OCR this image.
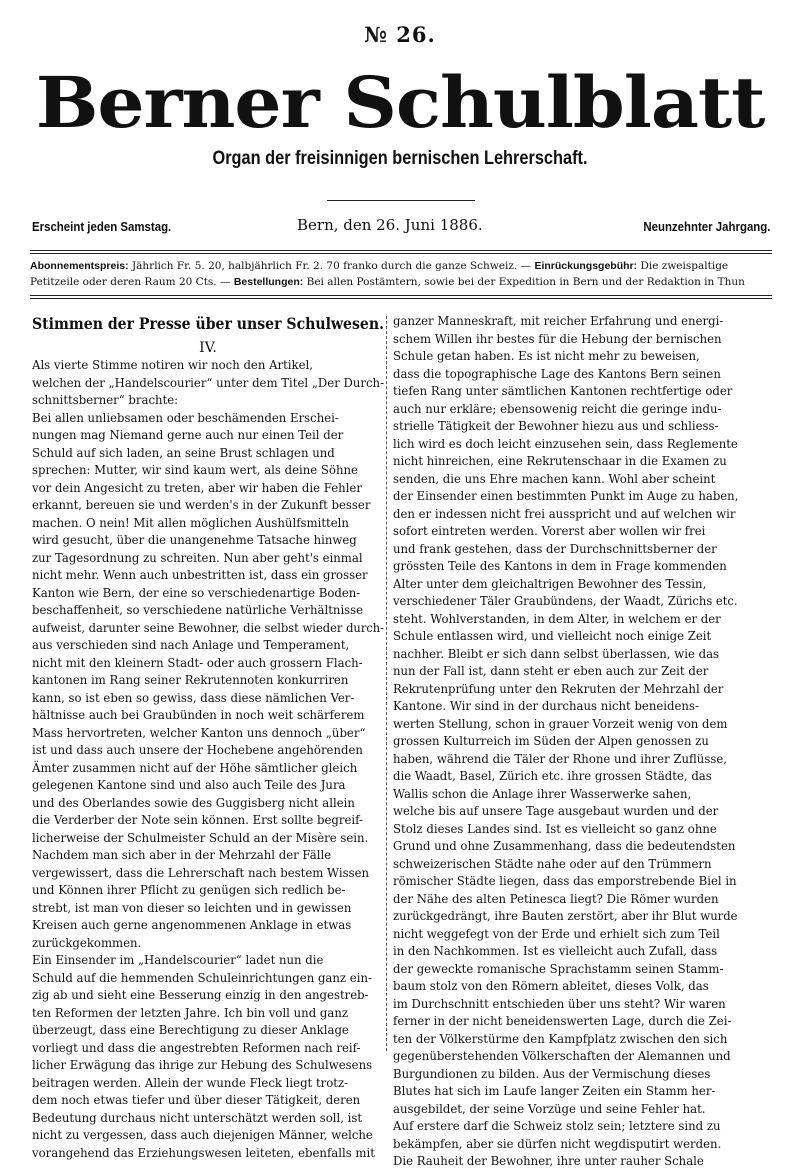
№ 26.
Berner Schulblatt
Organ der freisinnigen bernischen Lehrerschaft.
Erscheint jeden Samstag.	Bern, den 26. Juni 1886.	Neunzehnter Jahrgang.
Abonnementspreis: Jährlich Fr. 5. 20, halbjährlich Fr. 2. 70 franko durch die ganze Schweiz. — Einrückungsgebühr: Die zweispaltige
Petitzeile oder deren Raum 20 Cts. — Bestellungen: Bei allen Postämtern, sowie bei der Expedition in Bern und der Redaktion in Thun
Stimmen der Presse über unser Schulwesen.
IV.
Als vierte Stimme notiren wir noch den Artikel,
welchen der „Handelscourier“ unter dem Titel „Der Durch-
schnittsberner“ brachte:
Bei allen unliebsamen oder beschämenden Erschei-
nungen mag Niemand gerne auch nur einen Teil der
Schuld auf sich laden, an seine Brust schlagen und
sprechen: Mutter, wir sind kaum wert, als deine Söhne
vor dein Angesicht zu treten, aber wir haben die Fehler
erkannt, bereuen sie und werden's in der Zukunft besser
machen. O nein! Mit allen möglichen Aushülfsmitteln
wird gesucht, über die unangenehme Tatsache hinweg
zur Tagesordnung zu schreiten. Nun aber geht's einmal
nicht mehr. Wenn auch unbestritten ist, dass ein grosser
Kanton wie Bern, der eine so verschiedenartige Boden-
beschaffenheit, so verschiedene natürliche Verhältnisse
aufweist, darunter seine Bewohner, die selbst wieder durch-
aus verschieden sind nach Anlage und Temperament,
nicht mit den kleinern Stadt- oder auch grossern Flach-
kantonen im Rang seiner Rekrutennoten konkurriren
kann, so ist eben so gewiss, dass diese nämlichen Ver-
hältnisse auch bei Graubünden in noch weit schärferem
Mass hervortreten, welcher Kanton uns dennoch „über“
ist und dass auch unsere der Hochebene angehörenden
Ämter zusammen nicht auf der Höhe sämtlicher gleich
gelegenen Kantone sind und also auch Teile des Jura
und des Oberlandes sowie des Guggisberg nicht allein
die Verderber der Note sein können. Erst sollte begreif-
licherweise der Schulmeister Schuld an der Misère sein.
Nachdem man sich aber in der Mehrzahl der Fälle
vergewissert, dass die Lehrerschaft nach bestem Wissen
und Können ihrer Pflicht zu genügen sich redlich be-
strebt, ist man von dieser so leichten und in gewissen
Kreisen auch gerne angenommenen Anklage in etwas
zurückgekommen.
Ein Einsender im „Handelscourier“ ladet nun die
Schuld auf die hemmenden Schuleinrichtungen ganz ein-
zig ab und sieht eine Besserung einzig in den angestreb-
ten Reformen der letzten Jahre. Ich bin voll und ganz
überzeugt, dass eine Berechtigung zu dieser Anklage
vorliegt und dass die angestrebten Reformen nach reif-
licher Erwägung das ihrige zur Hebung des Schulwesens
beitragen werden. Allein der wunde Fleck liegt trotz-
dem noch etwas tiefer und über dieser Tätigkeit, deren
Bedeutung durchaus nicht unterschätzt werden soll, ist
nicht zu vergessen, dass auch diejenigen Männer, welche
vorangehend das Erziehungswesen leiteten, ebenfalls mit
ganzer Manneskraft, mit reicher Erfahrung und energi-
schem Willen ihr bestes für die Hebung der bernischen
Schule getan haben. Es ist nicht mehr zu beweisen,
dass die topographische Lage des Kantons Bern seinen
tiefen Rang unter sämtlichen Kantonen rechtfertige oder
auch nur erkläre; ebensowenig reicht die geringe indu-
strielle Tätigkeit der Bewohner hiezu aus und schliess-
lich wird es doch leicht einzusehen sein, dass Reglemente
nicht hinreichen, eine Rekrutenschaar in die Examen zu
senden, die uns Ehre machen kann. Wohl aber scheint
der Einsender einen bestimmten Punkt im Auge zu haben,
den er indessen nicht frei ausspricht und auf welchen wir
sofort eintreten werden. Vorerst aber wollen wir frei
und frank gestehen, dass der Durchschnittsberner der
grössten Teile des Kantons in dem in Frage kommenden
Alter unter dem gleichaltrigen Bewohner des Tessin,
verschiedener Täler Graubündens, der Waadt, Zürichs etc.
steht. Wohlverstanden, in dem Alter, in welchem er der
Schule entlassen wird, und vielleicht noch einige Zeit
nachher. Bleibt er sich dann selbst überlassen, wie das
nun der Fall ist, dann steht er eben auch zur Zeit der
Rekrutenprüfung unter den Rekruten der Mehrzahl der
Kantone. Wir sind in der durchaus nicht beneidens-
werten Stellung, schon in grauer Vorzeit wenig von dem
grossen Kulturreich im Süden der Alpen genossen zu
haben, während die Täler der Rhone und ihrer Zuflüsse,
die Waadt, Basel, Zürich etc. ihre grossen Städte, das
Wallis schon die Anlage ihrer Wasserwerke sahen,
welche bis auf unsere Tage ausgebaut wurden und der
Stolz dieses Landes sind. Ist es vielleicht so ganz ohne
Grund und ohne Zusammenhang, dass die bedeutendsten
schweizerischen Städte nahe oder auf den Trümmern
römischer Städte liegen, dass das emporstrebende Biel in
der Nähe des alten Petinesca liegt? Die Römer wurden
zurückgedrängt, ihre Bauten zerstört, aber ihr Blut wurde
nicht weggefegt von der Erde und erhielt sich zum Teil
in den Nachkommen. Ist es vielleicht auch Zufall, dass
der geweckte romanische Sprachstamm seinen Stamm-
baum stolz von den Römern ableitet, dieses Volk, das
im Durchschnitt entschieden über uns steht? Wir waren
ferner in der nicht beneidenswerten Lage, durch die Zei-
ten der Völkerstürme den Kampfplatz zwischen den sich
gegenüberstehenden Völkerschaften der Alemannen und
Burgundionen zu bilden. Aus der Vermischung dieses
Blutes hat sich im Laufe langer Zeiten ein Stamm her-
ausgebildet, der seine Vorzüge und seine Fehler hat.
Auf erstere darf die Schweiz stolz sein; letztere sind zu
bekämpfen, aber sie dürfen nicht wegdisputirt werden.
Die Rauheit der Bewohner, ihre unter rauher Schale
